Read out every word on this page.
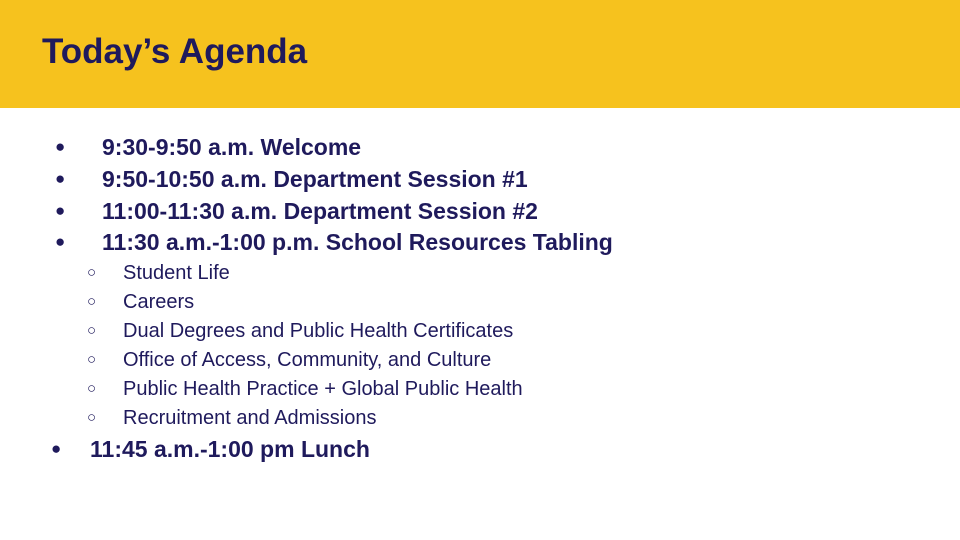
Today’s Agenda
● 9:30-9:50 a.m. Welcome
● 9:50-10:50 a.m. Department Session #1
● 11:00-11:30 a.m. Department Session #2
● 11:30 a.m.-1:00 p.m. School Resources Tabling
○ Student Life
○ Careers
○ Dual Degrees and Public Health Certificates
○ Office of Access, Community, and Culture
○ Public Health Practice + Global Public Health
○ Recruitment and Admissions
● 11:45 a.m.-1:00 pm Lunch
